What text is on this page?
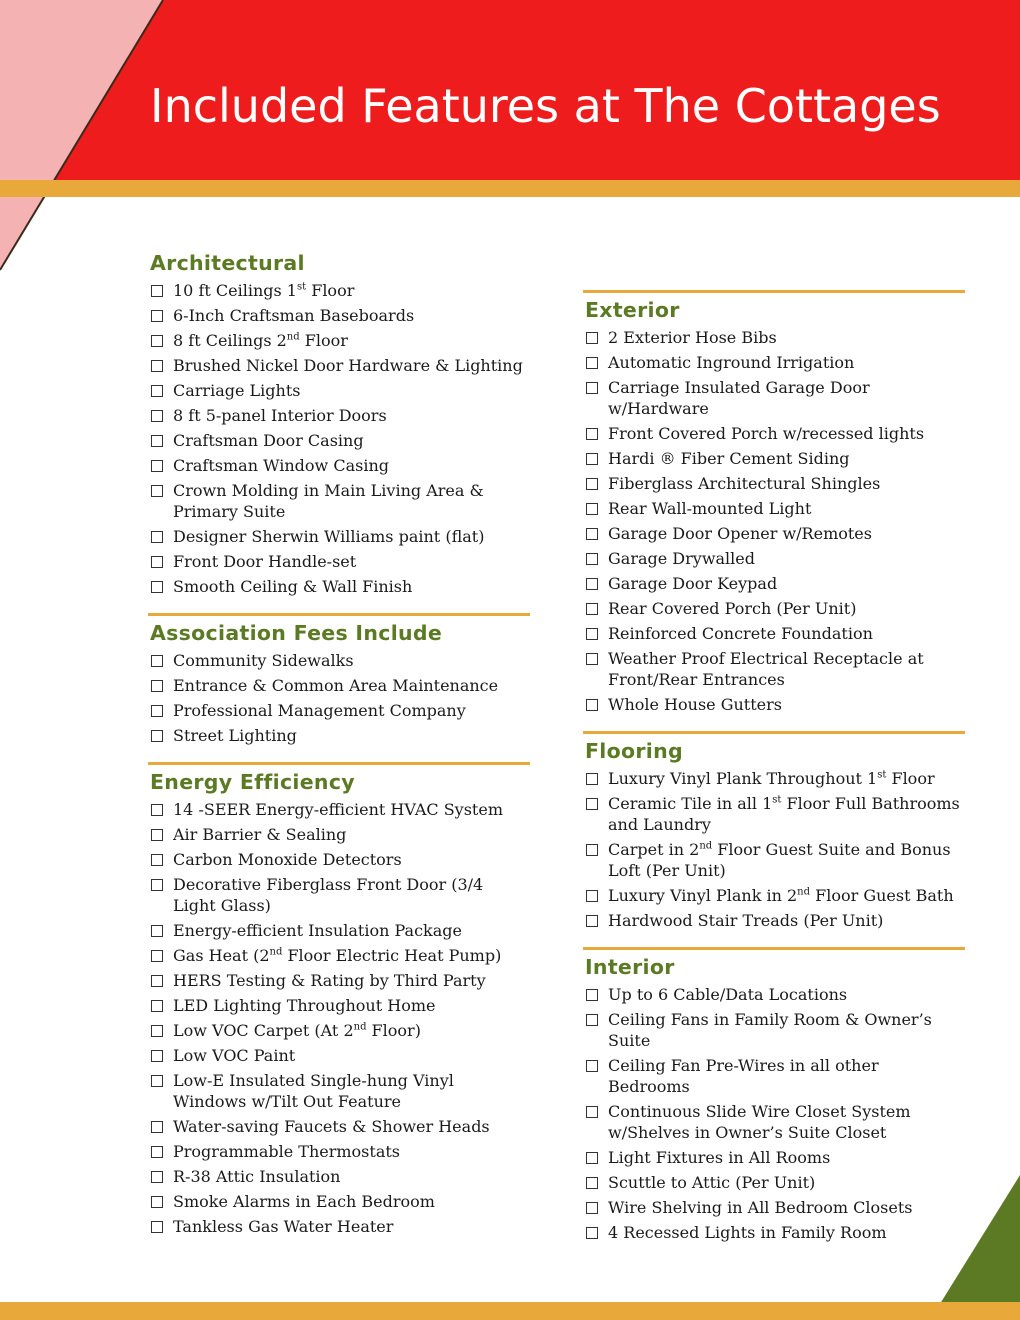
Included Features at The Cottages
Architectural
10 ft Ceilings 1st Floor
6-Inch Craftsman Baseboards
8 ft Ceilings 2nd Floor
Brushed Nickel Door Hardware & Lighting
Carriage Lights
8 ft 5-panel Interior Doors
Craftsman Door Casing
Craftsman Window Casing
Crown Molding in Main Living Area & Primary Suite
Designer Sherwin Williams paint (flat)
Front Door Handle-set
Smooth Ceiling & Wall Finish
Association Fees Include
Community Sidewalks
Entrance & Common Area Maintenance
Professional Management Company
Street Lighting
Energy Efficiency
14 -SEER Energy-efficient HVAC System
Air Barrier & Sealing
Carbon Monoxide Detectors
Decorative Fiberglass Front Door (3/4 Light Glass)
Energy-efficient Insulation Package
Gas Heat (2nd Floor Electric Heat Pump)
HERS Testing & Rating by Third Party
LED Lighting Throughout Home
Low VOC Carpet (At 2nd Floor)
Low VOC Paint
Low-E Insulated Single-hung Vinyl Windows w/Tilt Out Feature
Water-saving Faucets & Shower Heads
Programmable Thermostats
R-38 Attic Insulation
Smoke Alarms in Each Bedroom
Tankless Gas Water Heater
Exterior
2 Exterior Hose Bibs
Automatic Inground Irrigation
Carriage Insulated Garage Door w/Hardware
Front Covered Porch w/recessed lights
Hardi ® Fiber Cement Siding
Fiberglass Architectural Shingles
Rear Wall-mounted Light
Garage Door Opener w/Remotes
Garage Drywalled
Garage Door Keypad
Rear Covered Porch (Per Unit)
Reinforced Concrete Foundation
Weather Proof Electrical Receptacle at Front/Rear Entrances
Whole House Gutters
Flooring
Luxury Vinyl Plank Throughout 1st Floor
Ceramic Tile in all 1st Floor Full Bathrooms and Laundry
Carpet in 2nd Floor Guest Suite and Bonus Loft (Per Unit)
Luxury Vinyl Plank in 2nd Floor Guest Bath
Hardwood Stair Treads (Per Unit)
Interior
Up to 6 Cable/Data Locations
Ceiling Fans in Family Room & Owner’s Suite
Ceiling Fan Pre-Wires in all other Bedrooms
Continuous Slide Wire Closet System w/Shelves in Owner’s Suite Closet
Light Fixtures in All Rooms
Scuttle to Attic (Per Unit)
Wire Shelving in All Bedroom Closets
4 Recessed Lights in Family Room
